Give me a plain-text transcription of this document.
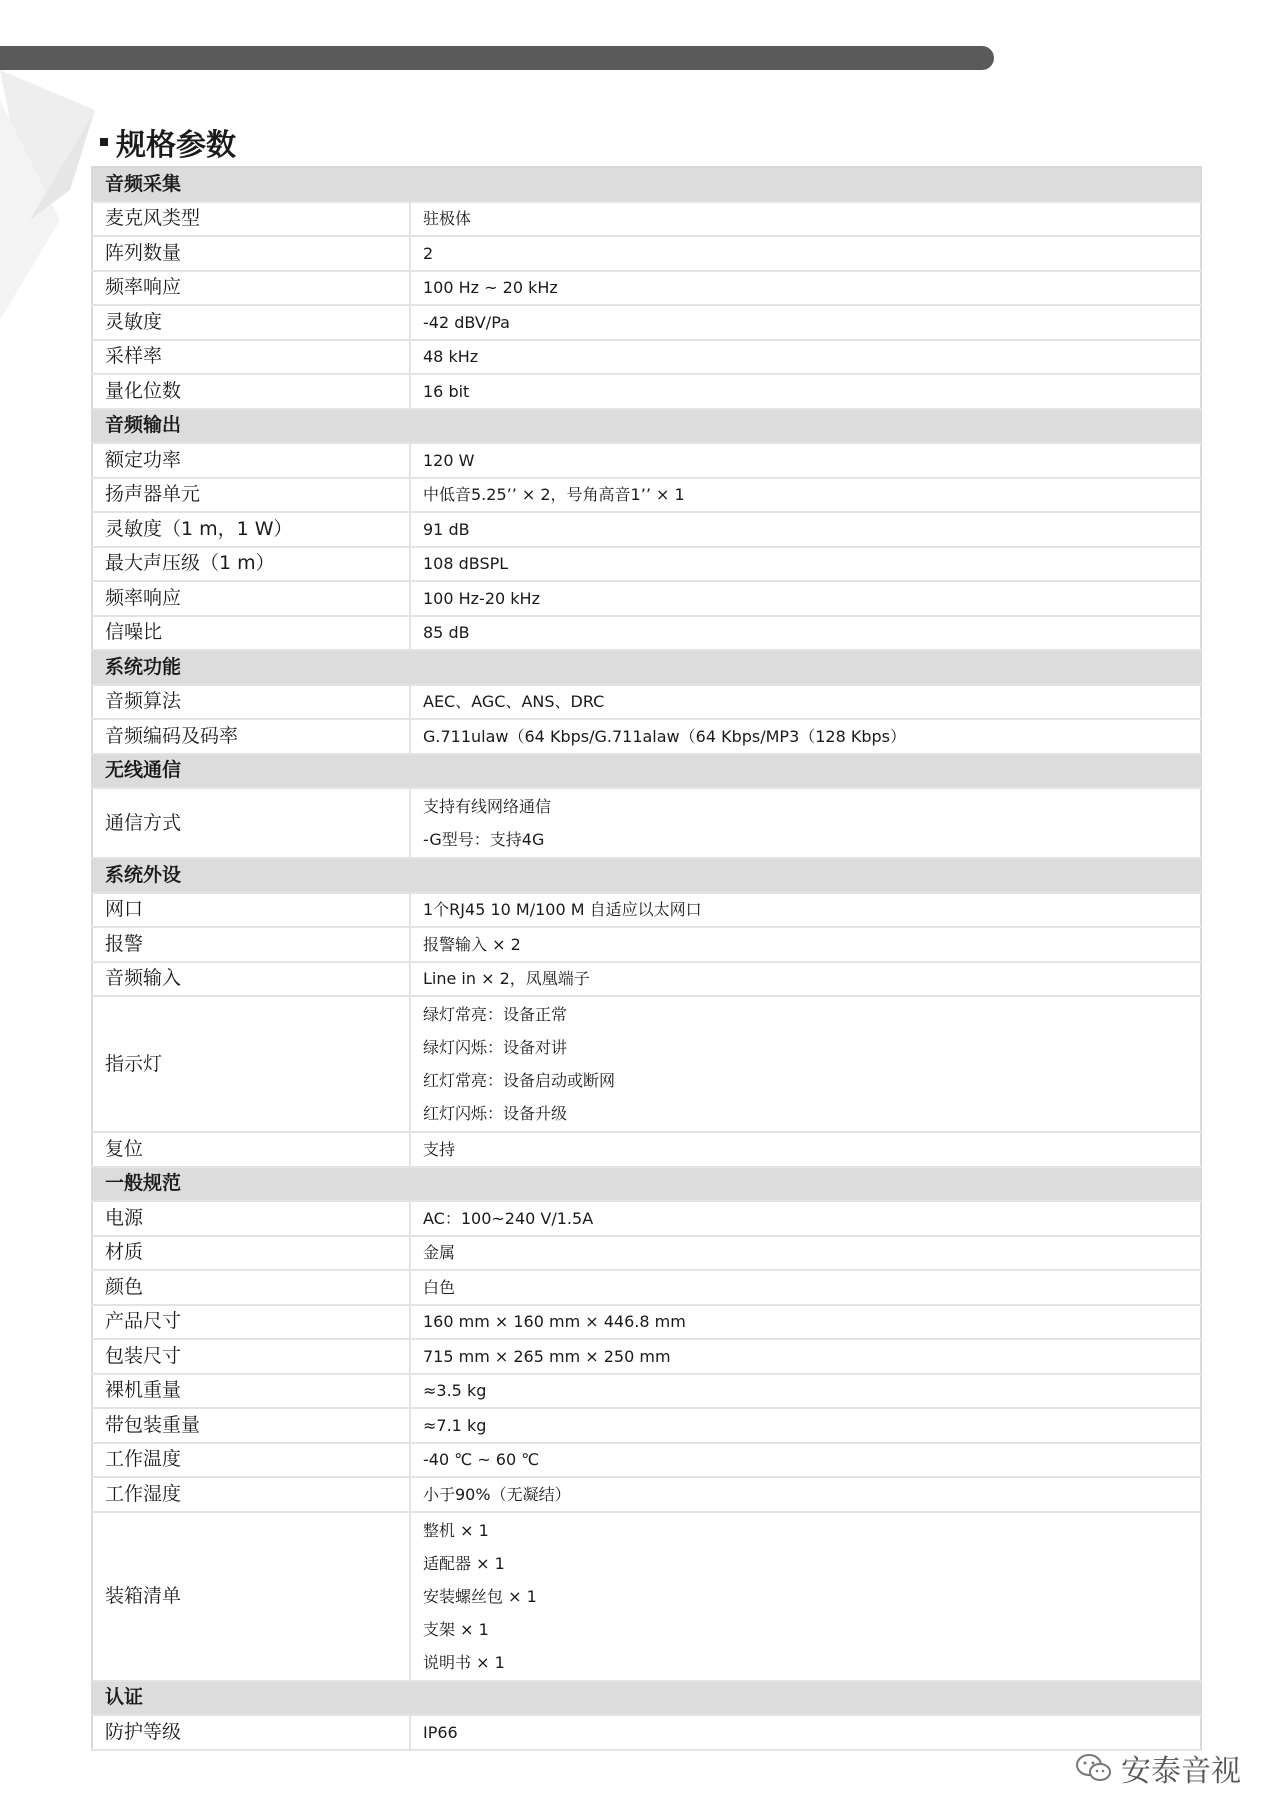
规格参数
音频采集	
麦克风类型	驻极体
阵列数量	2
频率响应	100 Hz ~ 20 kHz
灵敏度	-42 dBV/Pa
采样率	48 kHz
量化位数	16 bit
音频输出	
额定功率	120 W
扬声器单元	中低音5.25’’ × 2，号角高音1’’ × 1
灵敏度（1 m，1 W）	91 dB
最大声压级（1 m）	108 dBSPL
频率响应	100 Hz-20 kHz
信噪比	85 dB
系统功能	
音频算法	AEC、AGC、ANS、DRC
音频编码及码率	G.711ulaw（64 Kbps/G.711alaw（64 Kbps/MP3（128 Kbps）
无线通信	
通信方式	支持有线网络通信
-G型号：支持4G

系统外设	
网口	1个RJ45 10 M/100 M 自适应以太网口
报警	报警输入 × 2
音频输入	Line in × 2，凤凰端子
指示灯	绿灯常亮：设备正常
绿灯闪烁：设备对讲
红灯常亮：设备启动或断网
红灯闪烁：设备升级

复位	支持
一般规范	
电源	AC：100~240 V/1.5A
材质	金属
颜色	白色
产品尺寸	160 mm × 160 mm × 446.8 mm
包装尺寸	715 mm × 265 mm × 250 mm
裸机重量	≈3.5 kg
带包装重量	≈7.1 kg
工作温度	-40 ℃ ~ 60 ℃
工作湿度	小于90%（无凝结）
装箱清单	整机 × 1
适配器 × 1
安装螺丝包 × 1
支架 × 1
说明书 × 1

认证	
防护等级	IP66
安泰音视
